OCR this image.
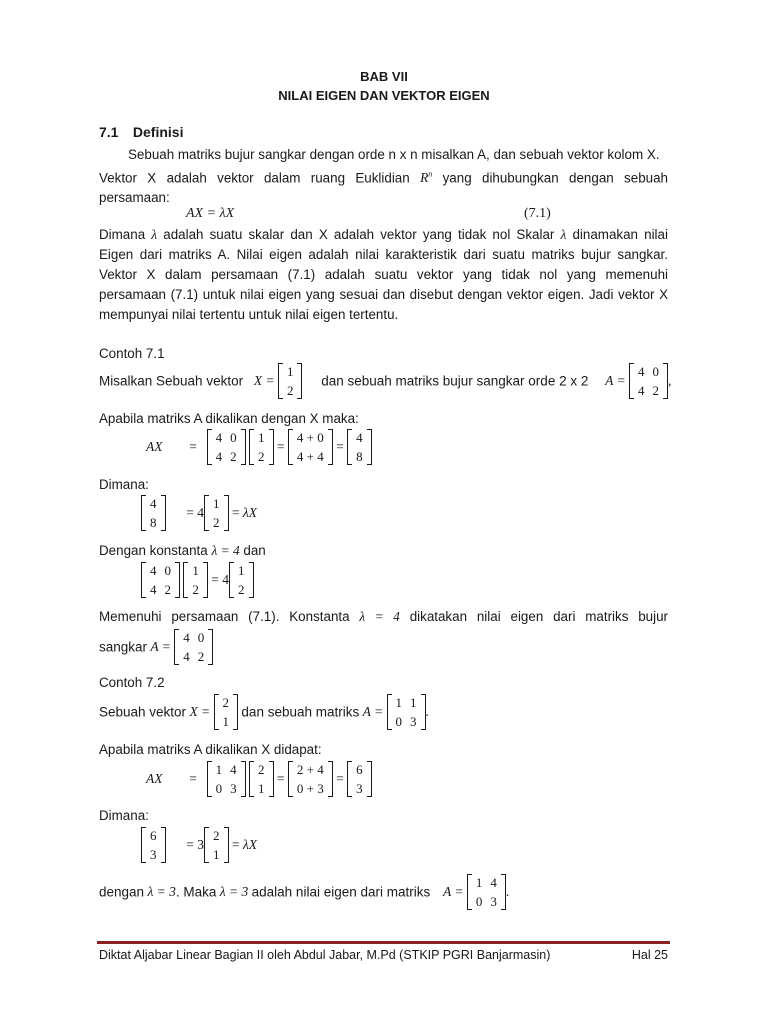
BAB VII
NILAI EIGEN DAN VEKTOR EIGEN
7.1 Definisi
Sebuah matriks bujur sangkar dengan orde n x n misalkan A, dan sebuah vektor kolom X.
Vektor X adalah vektor dalam ruang Euklidian $R^n$ yang dihubungkan dengan sebuah
persamaan:
AX = λX	(7.1)
Dimana λ adalah suatu skalar dan X adalah vektor yang tidak nol Skalar λ dinamakan nilai
Eigen dari matriks A. Nilai eigen adalah nilai karakteristik dari suatu matriks bujur sangkar.
Vektor X dalam persamaan (7.1) adalah suatu vektor yang tidak nol yang memenuhi
persamaan (7.1) untuk nilai eigen yang sesuai dan disebut dengan vektor eigen. Jadi vektor X
mempunyai nilai tertentu untuk nilai eigen tertentu.
Contoh 7.1
Misalkan Sebuah vektor X =
1
2
dan sebuah matriks bujur sangkar orde 2 x 2 A =
4	0
4	2
,
Apabila matriks A dikalikan dengan X maka:
AX =
4	0
4	2

1
2
=
4 + 0
4 + 4
=
4
8
Dimana:
4
8
= 4
1
2
= λX
Dengan konstanta λ = 4 dan
4	0
4	2

1
2
= 4
1
2
Memenuhi persamaan (7.1). Konstanta λ = 4 dikatakan nilai eigen dari matriks bujur
sangkar A =
4	0
4	2
Contoh 7.2
Sebuah vektor X =
2
1
dan sebuah matriks A =
1	1
0	3
.
Apabila matriks A dikalikan X didapat:
AX =
1	4
0	3

2
1
=
2 + 4
0 + 3
=
6
3
Dimana:
6
3
= 3
2
1
= λX
dengan λ = 3. Maka λ = 3 adalah nilai eigen dari matriks A =
1	4
0	3
.
Diktat Aljabar Linear Bagian II oleh Abdul Jabar, M.Pd (STKIP PGRI Banjarmasin)	Hal 25
